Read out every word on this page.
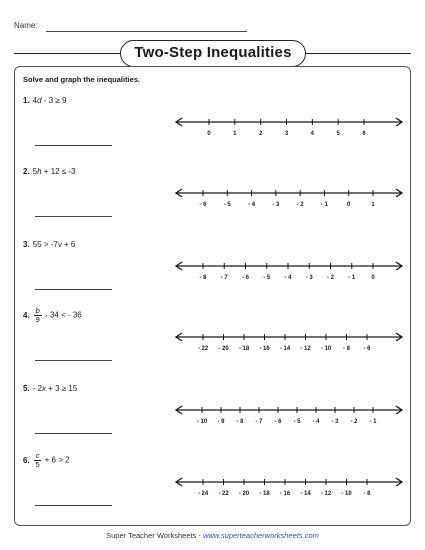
Name:
Two-Step Inequalities
Solve and graph the inequalities.
1. 4d - 3 ≥ 9
0	1	2	3	4	5	6
2. 5h + 12 ≤ -3
- 6	- 5	- 4	- 3	- 2	- 1	0	1
3. 55 > -7v + 6
- 8 - 7 - 6 - 5 - 4 - 3 - 2 - 1	0
4. $\frac{b}{9} - 34$ < - 36
- 22 - 20 - 18 - 16 - 14 - 12 - 10 - 8 - 6
5. - 2x + 3 ≥ 15
- 10 - 9 - 8 - 7 - 6 - 5 - 4 - 3 - 2 - 1
6. $\frac{c}{5} + 6 > 2$
- 24 - 22 - 20 - 18 - 16 - 14 - 12 - 10 - 8
Super Teacher Worksheets - www.superteacherworksheets.com
